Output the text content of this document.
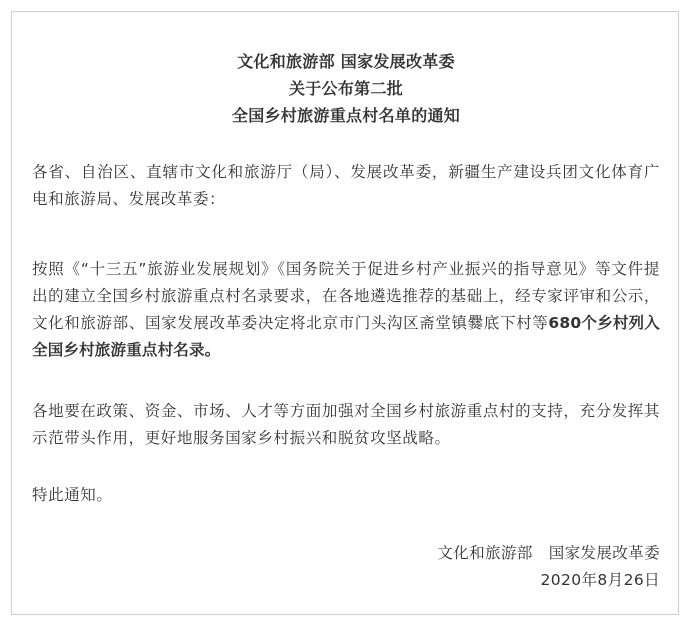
文化和旅游部 国家发展改革委
关于公布第二批
全国乡村旅游重点村名单的通知
各省、自治区、直辖市文化和旅游厅（局）、发展改革委，新疆生产建设兵团文化体育广电和旅游局、发展改革委：
按照《“十三五”旅游业发展规划》《国务院关于促进乡村产业振兴的指导意见》等文件提出的建立全国乡村旅游重点村名录要求，在各地遴选推荐的基础上，经专家评审和公示，文化和旅游部、国家发展改革委决定将北京市门头沟区斋堂镇爨底下村等680个乡村列入全国乡村旅游重点村名录。
各地要在政策、资金、市场、人才等方面加强对全国乡村旅游重点村的支持，充分发挥其示范带头作用，更好地服务国家乡村振兴和脱贫攻坚战略。
特此通知。
文化和旅游部　国家发展改革委
2020年8月26日
